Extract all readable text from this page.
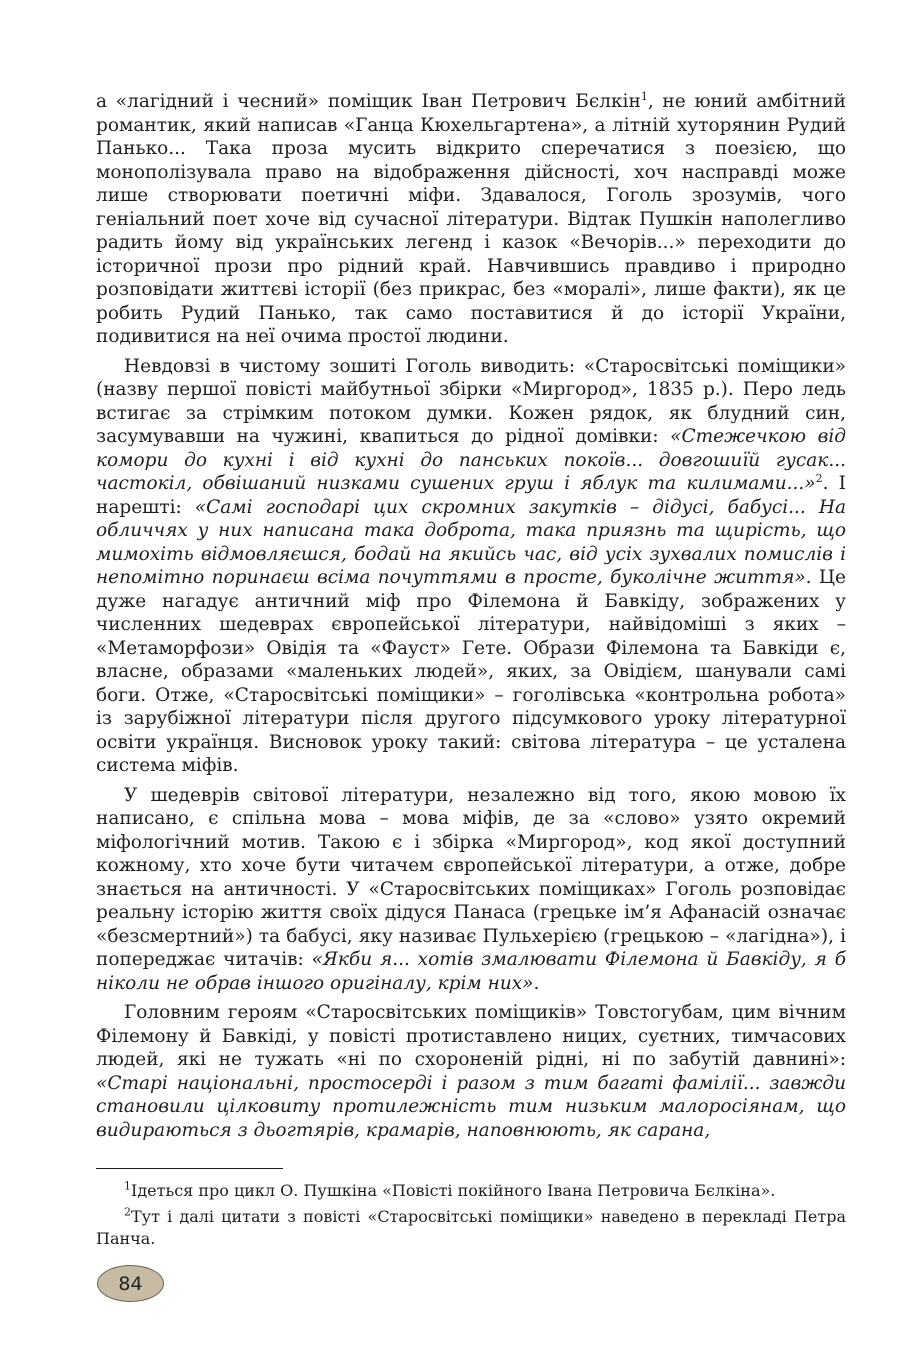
а «лагідний і чесний» поміщик Іван Петрович Бєлкін$^1$, не юний амбітний романтик, який написав «Ганца Кюхельгартена», а літній хуторянин Рудий Панько... Така проза мусить відкрито сперечатися з поезією, що монополізувала право на відображення дійсності, хоч насправді може лише створювати поетичні міфи. Здавалося, Гоголь зрозумів, чого геніальний поет хоче від сучасної літератури. Відтак Пушкін наполегливо радить йому від українських легенд і казок «Вечорів...» переходити до історичної прози про рідний край. Навчившись правдиво і природно розповідати життєві історії (без прикрас, без «моралі», лише факти), як це робить Рудий Панько, так само поставитися й до історії України, подивитися на неї очима простої людини.

Невдовзі в чистому зошиті Гоголь виводить: «Старосвітські поміщики» (назву першої повісті майбутньої збірки «Миргород», 1835 р.). Перо ледь встигає за стрімким потоком думки. Кожен рядок, як блудний син, засумувавши на чужині, квапиться до рідної домівки: «Стежечкою від комори до кухні і від кухні до панських покоїв... довгошиїй гусак... частокіл, обвішаний низками сушених груш і яблук та килимами...»$^2$. І нарешті: «Самі господарі цих скромних закутків – дідусі, бабусі... На обличчях у них написана така доброта, така приязнь та щирість, що мимохіть відмовляєшся, бодай на якийсь час, від усіх зухвалих помислів і непомітно поринаєш всіма почуттями в просте, буколічне життя». Це дуже нагадує античний міф про Філемона й Бавкіду, зображених у численних шедеврах європейської літератури, найвідоміші з яких – «Метаморфози» Овідія та «Фауст» Гете. Образи Філемона та Бавкіди є, власне, образами «маленьких людей», яких, за Овідієм, шанували самі боги. Отже, «Старосвітські поміщики» – гоголівська «контрольна робота» із зарубіжної літератури після другого підсумкового уроку літературної освіти українця. Висновок уроку такий: світова література – це усталена система міфів.

У шедеврів світової літератури, незалежно від того, якою мовою їх написано, є спільна мова – мова міфів, де за «слово» узято окремий міфологічний мотив. Такою є і збірка «Миргород», код якої доступний кожному, хто хоче бути читачем європейської літератури, а отже, добре знається на античності. У «Старосвітських поміщиках» Гоголь розповідає реальну історію життя своїх дідуся Панаса (грецьке ім’я Афанасій означає «безсмертний») та бабусі, яку називає Пульхерією (грецькою – «лагідна»), і попереджає читачів: «Якби я... хотів змалювати Філемона й Бавкіду, я б ніколи не обрав іншого оригіналу, крім них».

Головним героям «Старосвітських поміщиків» Товстогубам, цим вічним Філемону й Бавкіді, у повісті протиставлено ницих, суєтних, тимчасових людей, які не тужать «ні по схороненій рідні, ні по забутій давнині»: «Старі національні, простосерді і разом з тим багаті фамілії... завжди становили цілковиту протилежність тим низьким малоросіянам, що видираються з дьогтярів, крамарів, наповнюють, як сарана,

$^1$Ідеться про цикл О. Пушкіна «Повісті покійного Івана Петровича Бєлкіна».

$^2$Тут і далі цитати з повісті «Старосвітські поміщики» наведено в перекладі Петра Панча.

84
